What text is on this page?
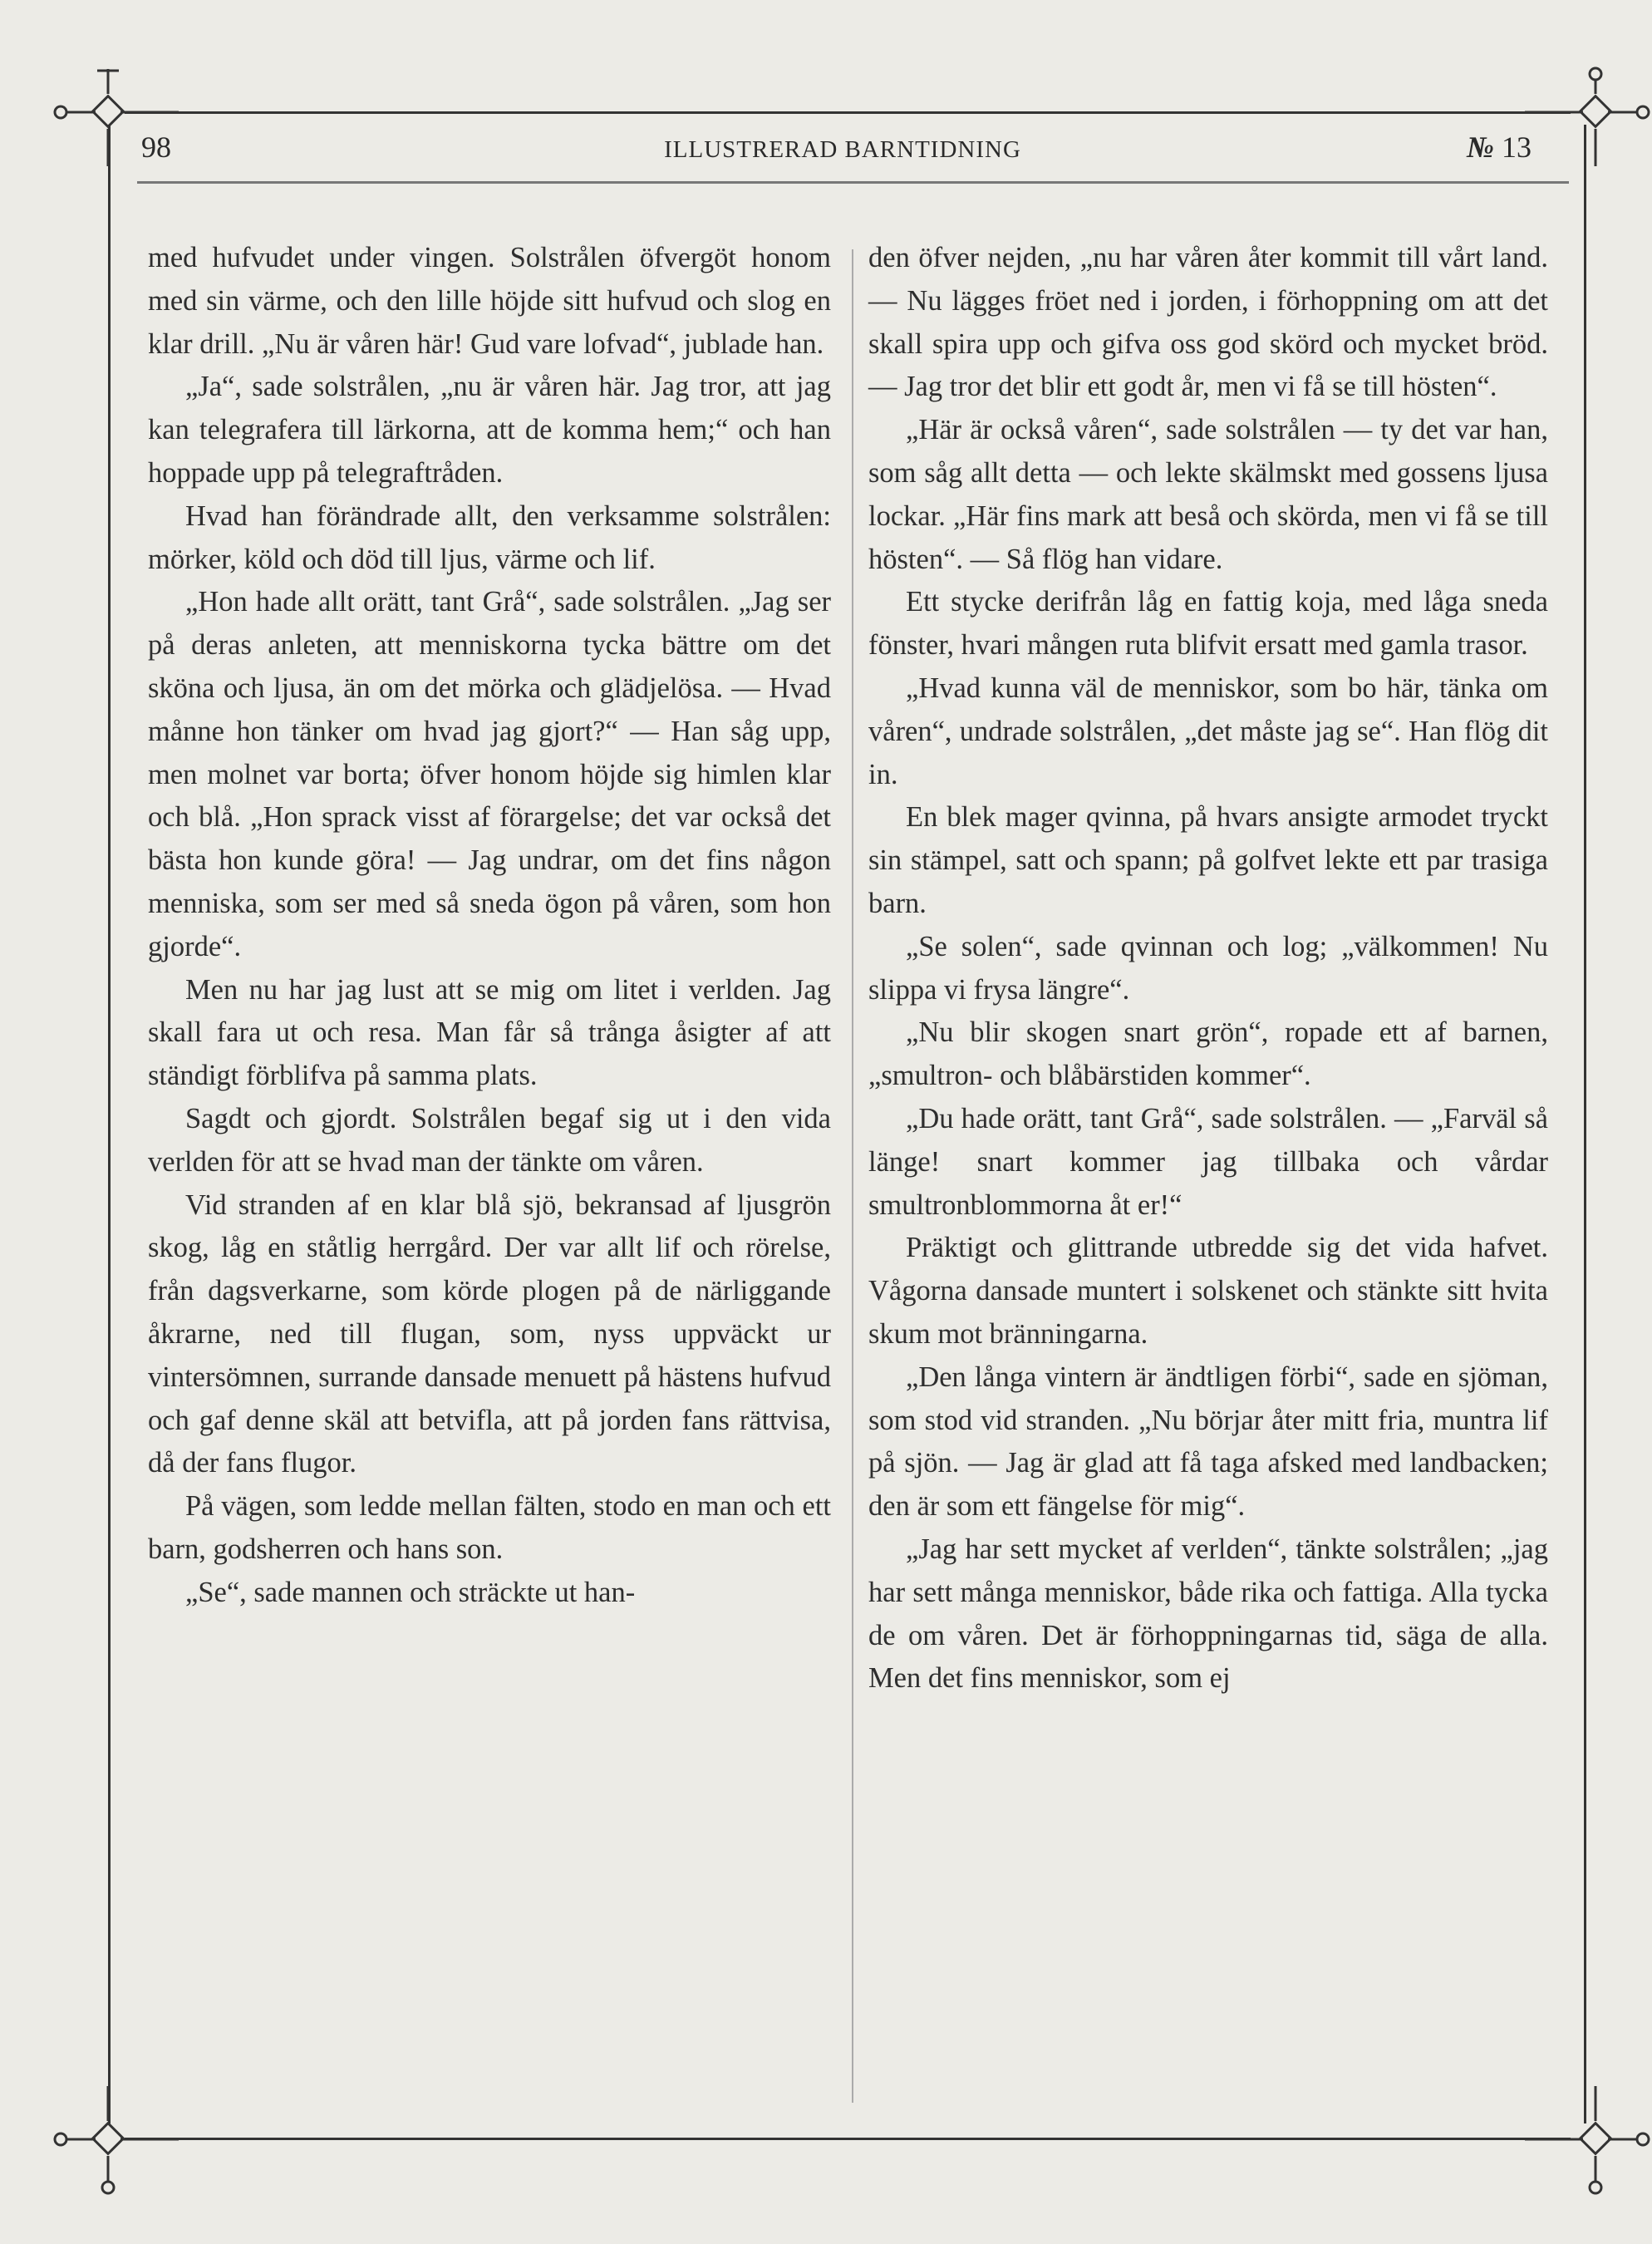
98	ILLUSTRERAD BARNTIDNING	№ 13

med hufvudet under vingen. Solstrålen öfvergöt honom med sin värme, och den lille höjde sitt hufvud och slog en klar drill. „Nu är våren här! Gud vare lofvad“, jublade han.

„Ja“, sade solstrålen, „nu är våren här. Jag tror, att jag kan telegrafera till lärkorna, att de komma hem;“ och han hoppade upp på telegraftråden.

Hvad han förändrade allt, den verksamme solstrålen: mörker, köld och död till ljus, värme och lif.

„Hon hade allt orätt, tant Grå“, sade solstrålen. „Jag ser på deras anleten, att menniskorna tycka bättre om det sköna och ljusa, än om det mörka och glädjelösa. — Hvad månne hon tänker om hvad jag gjort?“ — Han såg upp, men molnet var borta; öfver honom höjde sig himlen klar och blå. „Hon sprack visst af förargelse; det var också det bästa hon kunde göra! — Jag undrar, om det fins någon menniska, som ser med så sneda ögon på våren, som hon gjorde“.

Men nu har jag lust att se mig om litet i verlden. Jag skall fara ut och resa. Man får så trånga åsigter af att ständigt förblifva på samma plats.

Sagdt och gjordt. Solstrålen begaf sig ut i den vida verlden för att se hvad man der tänkte om våren.

Vid stranden af en klar blå sjö, bekransad af ljusgrön skog, låg en ståtlig herrgård. Der var allt lif och rörelse, från dagsverkarne, som körde plogen på de närliggande åkrarne, ned till flugan, som, nyss uppväckt ur vintersömnen, surrande dansade menuett på hästens hufvud och gaf denne skäl att betvifla, att på jorden fans rättvisa, då der fans flugor.

På vägen, som ledde mellan fälten, stodo en man och ett barn, godsherren och hans son.

„Se“, sade mannen och sträckte ut han-

den öfver nejden, „nu har våren åter kommit till vårt land. — Nu lägges fröet ned i jorden, i förhoppning om att det skall spira upp och gifva oss god skörd och mycket bröd. — Jag tror det blir ett godt år, men vi få se till hösten“.

„Här är också våren“, sade solstrålen — ty det var han, som såg allt detta — och lekte skälmskt med gossens ljusa lockar. „Här fins mark att beså och skörda, men vi få se till hösten“. — Så flög han vidare.

Ett stycke derifrån låg en fattig koja, med låga sneda fönster, hvari mången ruta blifvit ersatt med gamla trasor.

„Hvad kunna väl de menniskor, som bo här, tänka om våren“, undrade solstrålen, „det måste jag se“. Han flög dit in.

En blek mager qvinna, på hvars ansigte armodet tryckt sin stämpel, satt och spann; på golfvet lekte ett par trasiga barn.

„Se solen“, sade qvinnan och log; „välkommen! Nu slippa vi frysa längre“.

„Nu blir skogen snart grön“, ropade ett af barnen, „smultron- och blåbärstiden kommer“.

„Du hade orätt, tant Grå“, sade solstrålen. — „Farväl så länge! snart kommer jag tillbaka och vårdar smultronblommorna åt er!“

Präktigt och glittrande utbredde sig det vida hafvet. Vågorna dansade muntert i solskenet och stänkte sitt hvita skum mot bränningarna.

„Den långa vintern är ändtligen förbi“, sade en sjöman, som stod vid stranden. „Nu börjar åter mitt fria, muntra lif på sjön. — Jag är glad att få taga afsked med landbacken; den är som ett fängelse för mig“.

„Jag har sett mycket af verlden“, tänkte solstrålen; „jag har sett många menniskor, både rika och fattiga. Alla tycka de om våren. Det är förhoppningarnas tid, säga de alla. Men det fins menniskor, som ej
